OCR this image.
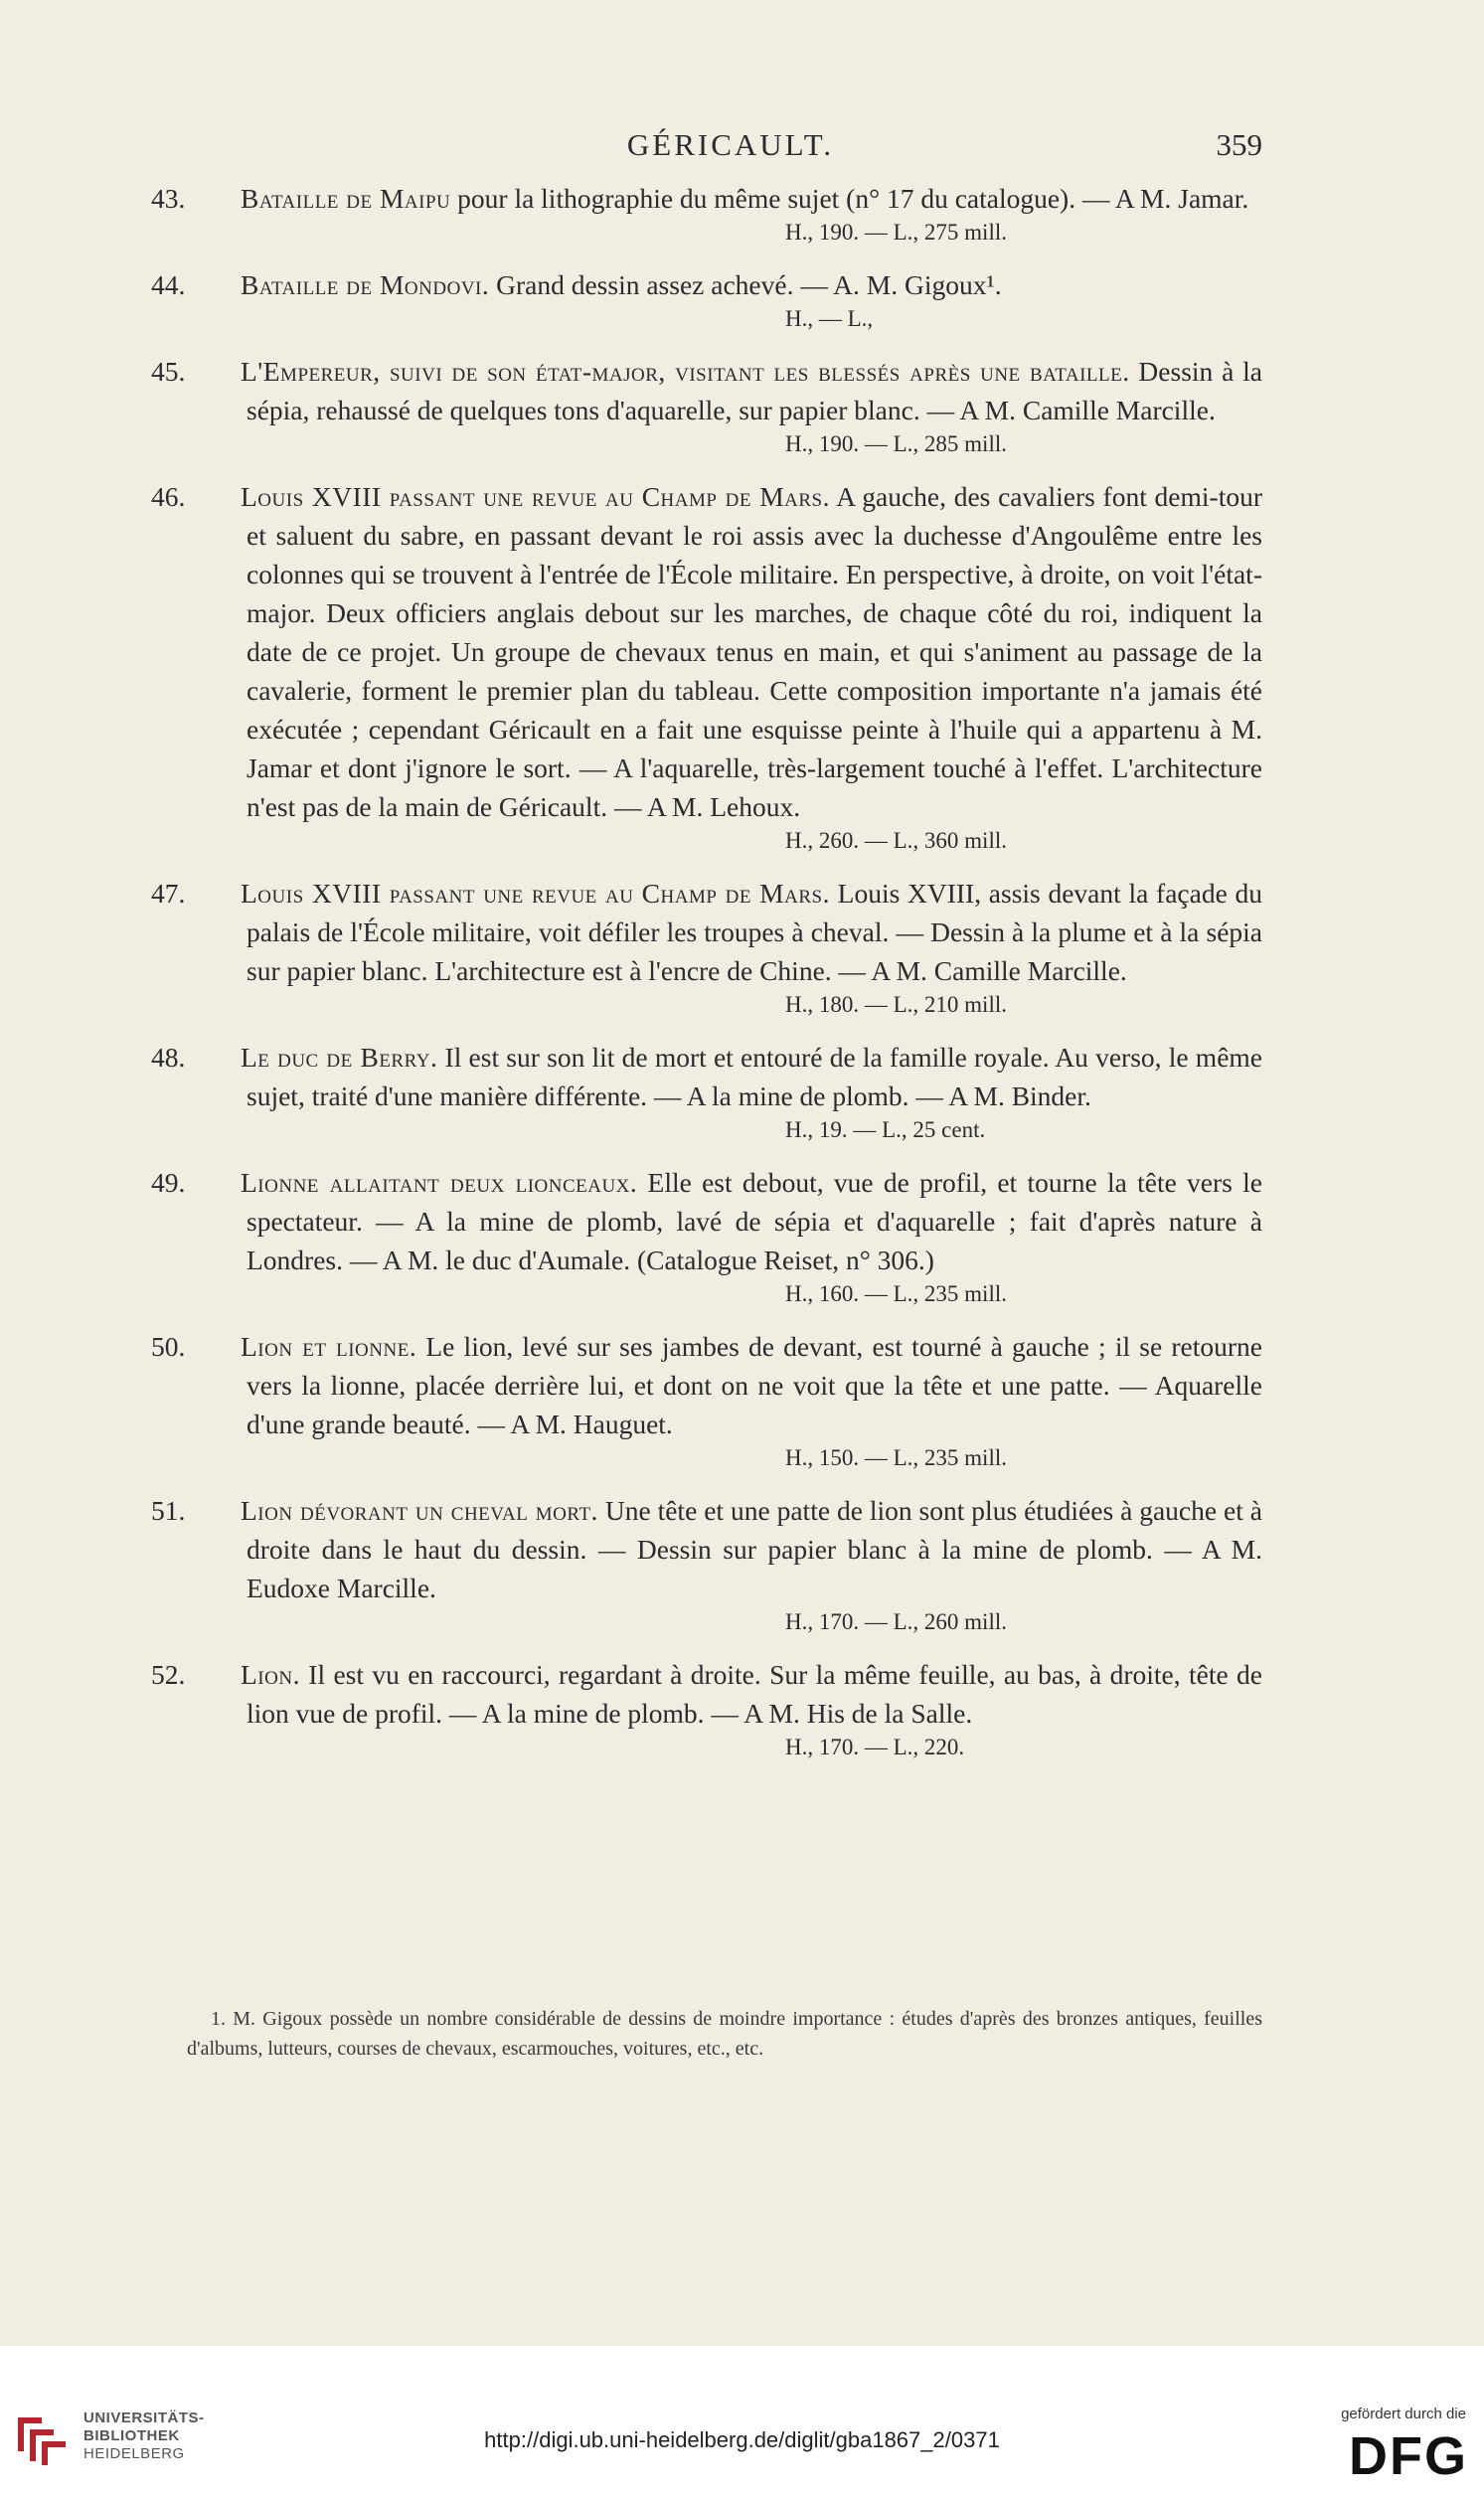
GÉRICAULT.	359

43. Bataille de Maipu pour la lithographie du même sujet (n° 17 du catalogue). — A M. Jamar.

H., 190. — L., 275 mill.

44. Bataille de Mondovi. Grand dessin assez achevé. — A. M. Gigoux¹.

H., — L.,

45. L'Empereur, suivi de son état-major, visitant les blessés après une bataille. Dessin à la sépia, rehaussé de quelques tons d'aquarelle, sur papier blanc. — A M. Camille Marcille.

H., 190. — L., 285 mill.

46. Louis XVIII passant une revue au Champ de Mars. A gauche, des cavaliers font demi-tour et saluent du sabre, en passant devant le roi assis avec la duchesse d'Angoulême entre les colonnes qui se trouvent à l'entrée de l'École militaire. En perspective, à droite, on voit l'état-major. Deux officiers anglais debout sur les marches, de chaque côté du roi, indiquent la date de ce projet. Un groupe de chevaux tenus en main, et qui s'animent au passage de la cavalerie, forment le premier plan du tableau. Cette composition importante n'a jamais été exécutée ; cependant Géricault en a fait une esquisse peinte à l'huile qui a appartenu à M. Jamar et dont j'ignore le sort. — A l'aquarelle, très-largement touché à l'effet. L'architecture n'est pas de la main de Géricault. — A M. Lehoux.

H., 260. — L., 360 mill.

47. Louis XVIII passant une revue au Champ de Mars. Louis XVIII, assis devant la façade du palais de l'École militaire, voit défiler les troupes à cheval. — Dessin à la plume et à la sépia sur papier blanc. L'architecture est à l'encre de Chine. — A M. Camille Marcille.

H., 180. — L., 210 mill.

48. Le duc de Berry. Il est sur son lit de mort et entouré de la famille royale. Au verso, le même sujet, traité d'une manière différente. — A la mine de plomb. — A M. Binder.

H., 19. — L., 25 cent.

49. Lionne allaitant deux lionceaux. Elle est debout, vue de profil, et tourne la tête vers le spectateur. — A la mine de plomb, lavé de sépia et d'aquarelle ; fait d'après nature à Londres. — A M. le duc d'Aumale. (Catalogue Reiset, n° 306.)

H., 160. — L., 235 mill.

50. Lion et lionne. Le lion, levé sur ses jambes de devant, est tourné à gauche ; il se retourne vers la lionne, placée derrière lui, et dont on ne voit que la tête et une patte. — Aquarelle d'une grande beauté. — A M. Hauguet.

H., 150. — L., 235 mill.

51. Lion dévorant un cheval mort. Une tête et une patte de lion sont plus étudiées à gauche et à droite dans le haut du dessin. — Dessin sur papier blanc à la mine de plomb. — A M. Eudoxe Marcille.

H., 170. — L., 260 mill.

52. Lion. Il est vu en raccourci, regardant à droite. Sur la même feuille, au bas, à droite, tête de lion vue de profil. — A la mine de plomb. — A M. His de la Salle.

H., 170. — L., 220.
1. M. Gigoux possède un nombre considérable de dessins de moindre importance : études d'après des bronzes antiques, feuilles d'albums, lutteurs, courses de chevaux, escarmouches, voitures, etc., etc.
UNIVERSITÄTS-
BIBLIOTHEK
HEIDELBERG
http://digi.ub.uni-heidelberg.de/diglit/gba1867_2/0371
gefördert durch die
DFG
